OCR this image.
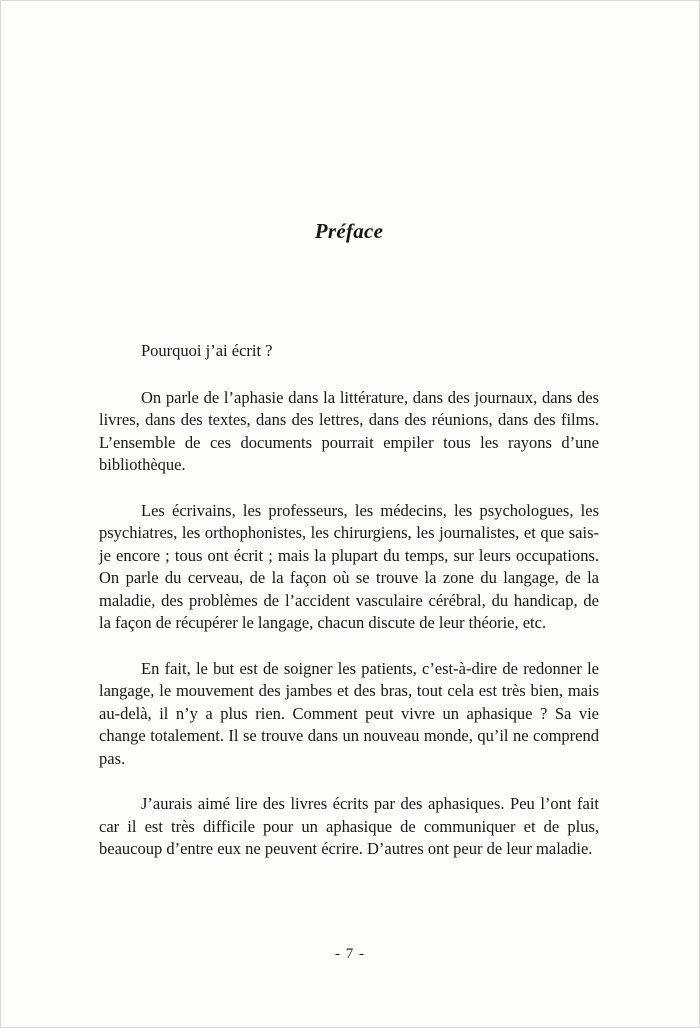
Préface

Pourquoi j’ai écrit ?

On parle de l’aphasie dans la littérature, dans des journaux, dans des livres, dans des textes, dans des lettres, dans des réunions, dans des films. L’ensemble de ces documents pourrait empiler tous les rayons d’une bibliothèque.

Les écrivains, les professeurs, les médecins, les psychologues, les psychiatres, les orthophonistes, les chirurgiens, les journalistes, et que sais-je encore ; tous ont écrit ; mais la plupart du temps, sur leurs occupations. On parle du cerveau, de la façon où se trouve la zone du langage, de la maladie, des problèmes de l’accident vasculaire cérébral, du handicap, de la façon de récupérer le langage, chacun discute de leur théorie, etc.

En fait, le but est de soigner les patients, c’est-à-dire de redonner le langage, le mouvement des jambes et des bras, tout cela est très bien, mais au-delà, il n’y a plus rien. Comment peut vivre un aphasique ? Sa vie change totalement. Il se trouve dans un nouveau monde, qu’il ne comprend pas.

J’aurais aimé lire des livres écrits par des aphasiques. Peu l’ont fait car il est très difficile pour un aphasique de communiquer et de plus, beaucoup d’entre eux ne peuvent écrire. D’autres ont peur de leur maladie.

- 7 -
